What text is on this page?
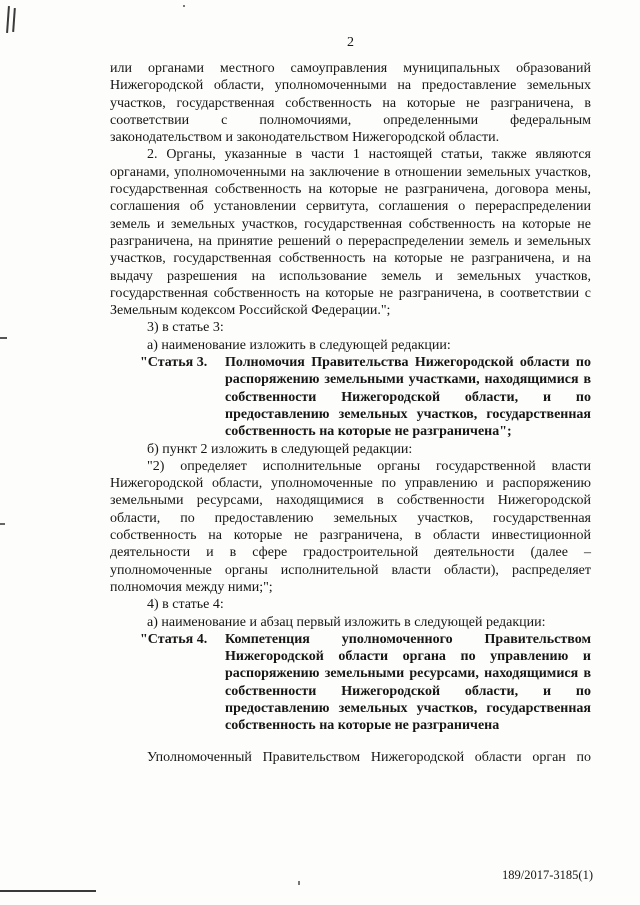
2

или органами местного самоуправления муниципальных образований Нижегородской области, уполномоченными на предоставление земельных участков, государственная собственность на которые не разграничена, в соответствии с полномочиями, определенными федеральным законодательством и законодательством Нижегородской области.

2. Органы, указанные в части 1 настоящей статьи, также являются органами, уполномоченными на заключение в отношении земельных участков, государственная собственность на которые не разграничена, договора мены, соглашения об установлении сервитута, соглашения о перераспределении земель и земельных участков, государственная собственность на которые не разграничена, на принятие решений о перераспределении земель и земельных участков, государственная собственность на которые не разграничена, и на выдачу разрешения на использование земель и земельных участков, государственная собственность на которые не разграничена, в соответствии с Земельным кодексом Российской Федерации.";

3) в статье 3:

а) наименование изложить в следующей редакции:

"Статья 3.	Полномочия Правительства Нижегородской области по распоряжению земельными участками, находящимися в собственности Нижегородской области, и по предоставлению земельных участков, государственная собственность на которые не разграничена";

б) пункт 2 изложить в следующей редакции:

"2) определяет исполнительные органы государственной власти Нижегородской области, уполномоченные по управлению и распоряжению земельными ресурсами, находящимися в собственности Нижегородской области, по предоставлению земельных участков, государственная собственность на которые не разграничена, в области инвестиционной деятельности и в сфере градостроительной деятельности (далее – уполномоченные органы исполнительной власти области), распределяет полномочия между ними;";

4) в статье 4:

а) наименование и абзац первый изложить в следующей редакции:

"Статья 4.	Компетенция уполномоченного Правительством Нижегородской области органа по управлению и распоряжению земельными ресурсами, находящимися в собственности Нижегородской области, и по предоставлению земельных участков, государственная собственность на которые не разграничена

Уполномоченный Правительством Нижегородской области орган по

189/2017-3185(1)
